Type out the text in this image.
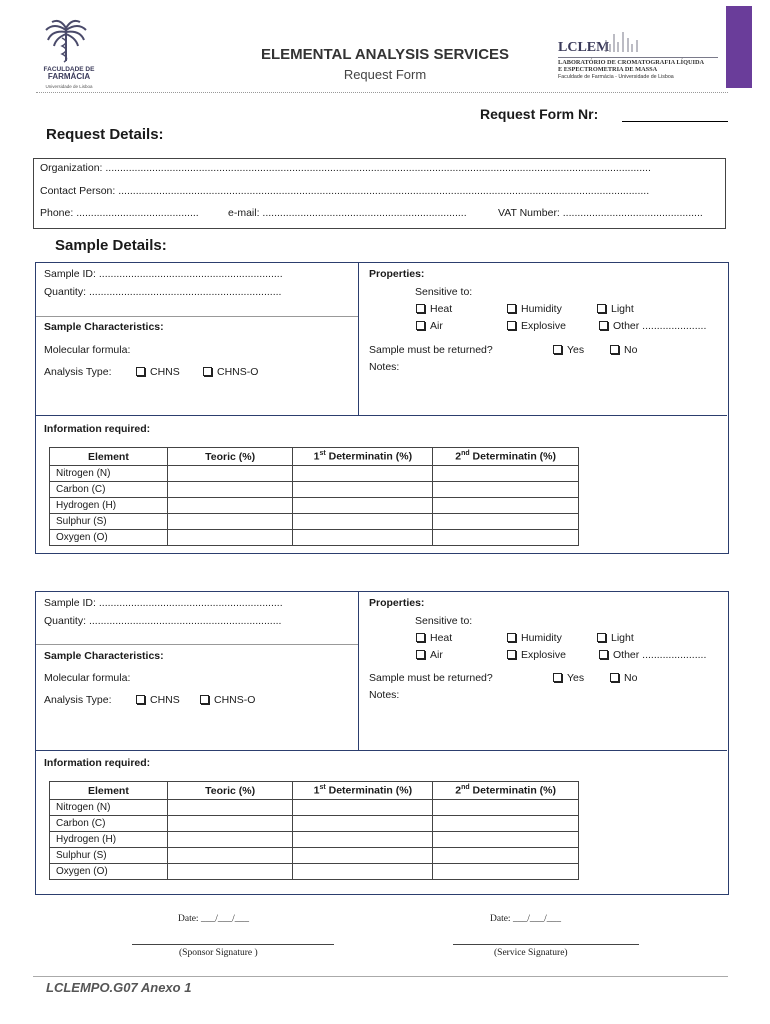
FACULDADE DE
FARMÁCIA
Universidade de Lisboa
ELEMENTAL ANALYSIS SERVICES
Request Form
LCLEM
LABORATÓRIO DE CROMATOGRAFIA LÍQUIDA
E ESPECTROMETRIA DE MASSA
Faculdade de Farmácia - Universidade de Lisboa
Request Form Nr:
Request Details:
Organization: ...........................................................................................................................................................................................
Contact Person: ......................................................................................................................................................................................
Phone: ..........................................	e-mail: ......................................................................	VAT Number: ................................................
Sample Details:
Sample ID: ...............................................................
Quantity: ..................................................................
Sample Characteristics:
Molecular formula:
Analysis Type:	CHNS	CHNS-O
Properties:
Sensitive to:
Heat	Humidity	Light
Air	Explosive	Other ......................
Sample must be returned?	Yes	No
Notes:
Information required:
Element	Teoric (%)	1st Determinatin (%)	2nd Determinatin (%)
Nitrogen (N)			
Carbon (C)			
Hydrogen (H)			
Sulphur (S)			
Oxygen (O)			
Sample ID: ...............................................................
Quantity: ..................................................................
Sample Characteristics:
Molecular formula:
Analysis Type:	CHNS	CHNS-O
Properties:
Sensitive to:
Heat	Humidity	Light
Air	Explosive	Other ......................
Sample must be returned?	Yes	No
Notes:
Information required:
Element	Teoric (%)	1st Determinatin (%)	2nd Determinatin (%)
Nitrogen (N)			
Carbon (C)			
Hydrogen (H)			
Sulphur (S)			
Oxygen (O)			
Date: ___/___/___	Date: ___/___/___
(Sponsor Signature )	(Service Signature)
LCLEMPO.G07 Anexo 1
